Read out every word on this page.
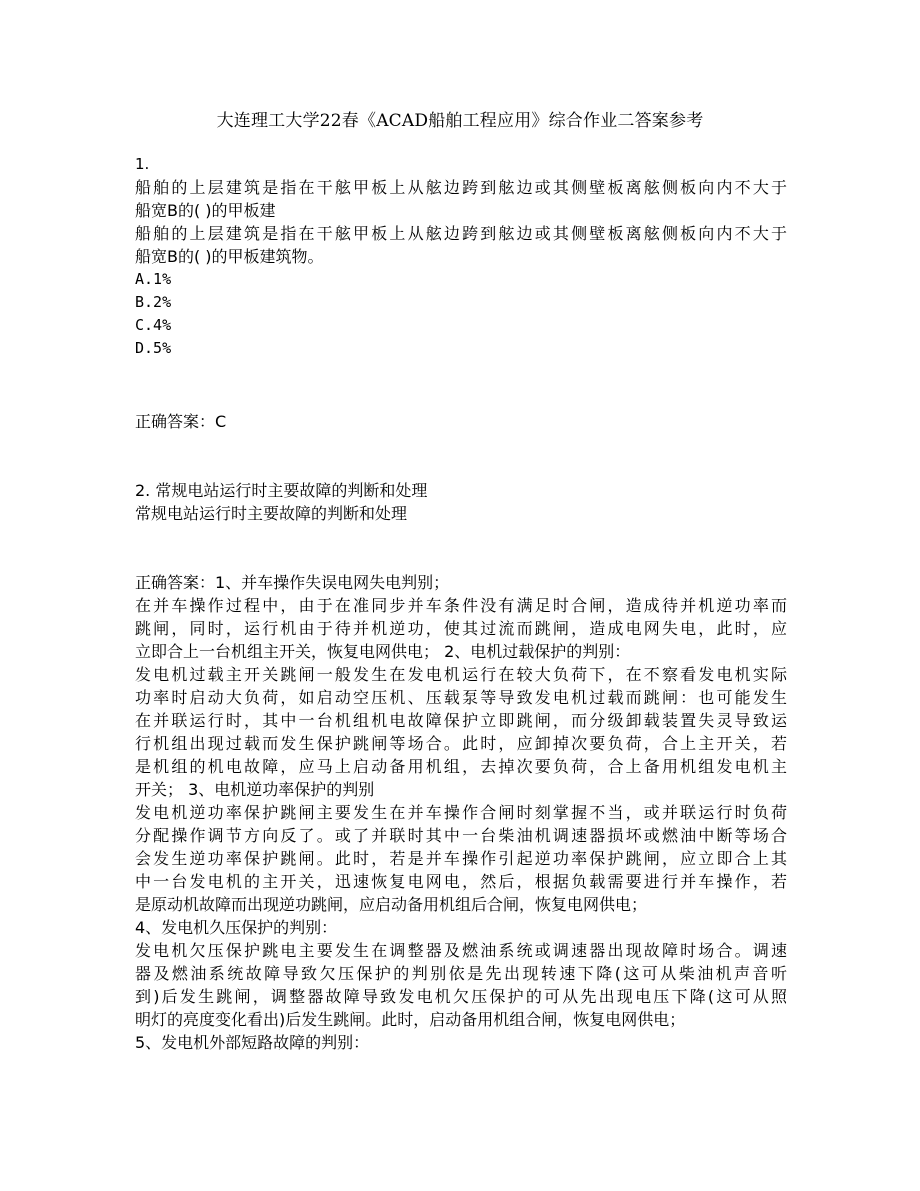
大连理工大学22春《ACAD船舶工程应用》综合作业二答案参考
1.
船舶的上层建筑是指在干舷甲板上从舷边跨到舷边或其侧壁板离舷侧板向内不大于
船宽B的( )的甲板建
船舶的上层建筑是指在干舷甲板上从舷边跨到舷边或其侧壁板离舷侧板向内不大于
船宽B的( )的甲板建筑物。
A.1%
B.2%
C.4%
D.5%
正确答案：C
2. 常规电站运行时主要故障的判断和处理
常规电站运行时主要故障的判断和处理
正确答案：1、并车操作失误电网失电判别；
在并车操作过程中，由于在准同步并车条件没有满足时合闸，造成待并机逆功率而
跳闸，同时，运行机由于待并机逆功，使其过流而跳闸，造成电网失电，此时，应
立即合上一台机组主开关，恢复电网供电； 2、电机过载保护的判别：
发电机过载主开关跳闸一般发生在发电机运行在较大负荷下，在不察看发电机实际
功率时启动大负荷，如启动空压机、压载泵等导致发电机过载而跳闸：也可能发生
在并联运行时，其中一台机组机电故障保护立即跳闸，而分级卸载装置失灵导致运
行机组出现过载而发生保护跳闸等场合。此时，应卸掉次要负荷，合上主开关，若
是机组的机电故障，应马上启动备用机组，去掉次要负荷，合上备用机组发电机主
开关； 3、电机逆功率保护的判别
发电机逆功率保护跳闸主要发生在并车操作合闸时刻掌握不当，或并联运行时负荷
分配操作调节方向反了。或了并联时其中一台柴油机调速器损坏或燃油中断等场合
会发生逆功率保护跳闸。此时，若是并车操作引起逆功率保护跳闸，应立即合上其
中一台发电机的主开关，迅速恢复电网电，然后，根据负载需要进行并车操作，若
是原动机故障而出现逆功跳闸，应启动备用机组后合闸，恢复电网供电；
4、发电机久压保护的判别：
发电机欠压保护跳电主要发生在调整器及燃油系统或调速器出现故障时场合。调速
器及燃油系统故障导致欠压保护的判别依是先出现转速下降(这可从柴油机声音听
到)后发生跳闸，调整器故障导致发电机欠压保护的可从先出现电压下降(这可从照
明灯的亮度变化看出)后发生跳闸。此时，启动备用机组合闸，恢复电网供电；
5、发电机外部短路故障的判别：
